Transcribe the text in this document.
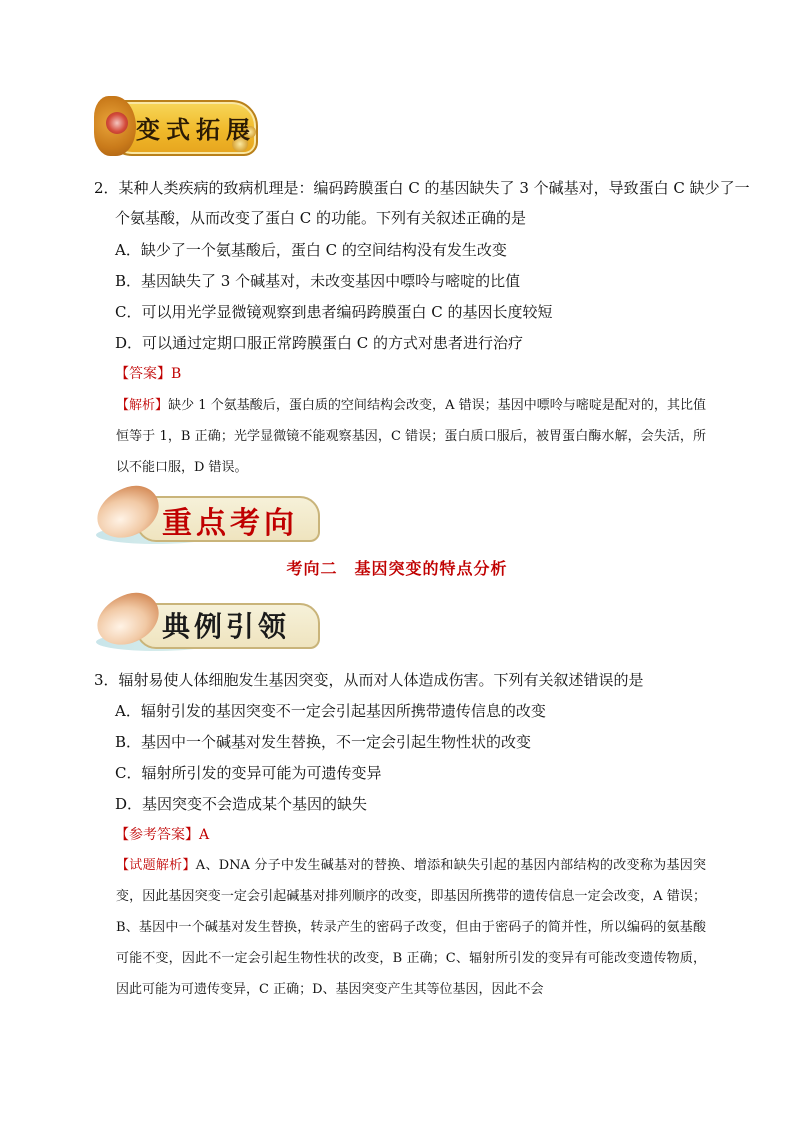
变式拓展
2．某种人类疾病的致病机理是：编码跨膜蛋白 C 的基因缺失了 3 个碱基对，导致蛋白 C 缺少了一
个氨基酸，从而改变了蛋白 C 的功能。下列有关叙述正确的是
A．缺少了一个氨基酸后，蛋白 C 的空间结构没有发生改变
B．基因缺失了 3 个碱基对，未改变基因中嘌呤与嘧啶的比值
C．可以用光学显微镜观察到患者编码跨膜蛋白 C 的基因长度较短
D．可以通过定期口服正常跨膜蛋白 C 的方式对患者进行治疗
【答案】B
【解析】缺少 1 个氨基酸后，蛋白质的空间结构会改变，A 错误；基因中嘌呤与嘧啶是配对的，其比值恒等于 1，B 正确；光学显微镜不能观察基因，C 错误；蛋白质口服后，被胃蛋白酶水解，会失活，所以不能口服，D 错误。
重点考向
考向二　基因突变的特点分析
典例引领
3．辐射易使人体细胞发生基因突变，从而对人体造成伤害。下列有关叙述错误的是
A．辐射引发的基因突变不一定会引起基因所携带遗传信息的改变
B．基因中一个碱基对发生替换，不一定会引起生物性状的改变
C．辐射所引发的变异可能为可遗传变异
D．基因突变不会造成某个基因的缺失
【参考答案】A
【试题解析】A、DNA 分子中发生碱基对的替换、增添和缺失引起的基因内部结构的改变称为基因突变，因此基因突变一定会引起碱基对排列顺序的改变，即基因所携带的遗传信息一定会改变，A 错误；B、基因中一个碱基对发生替换，转录产生的密码子改变，但由于密码子的简并性，所以编码的氨基酸可能不变，因此不一定会引起生物性状的改变，B 正确；C、辐射所引发的变异有可能改变遗传物质，因此可能为可遗传变异，C 正确；D、基因突变产生其等位基因，因此不会
